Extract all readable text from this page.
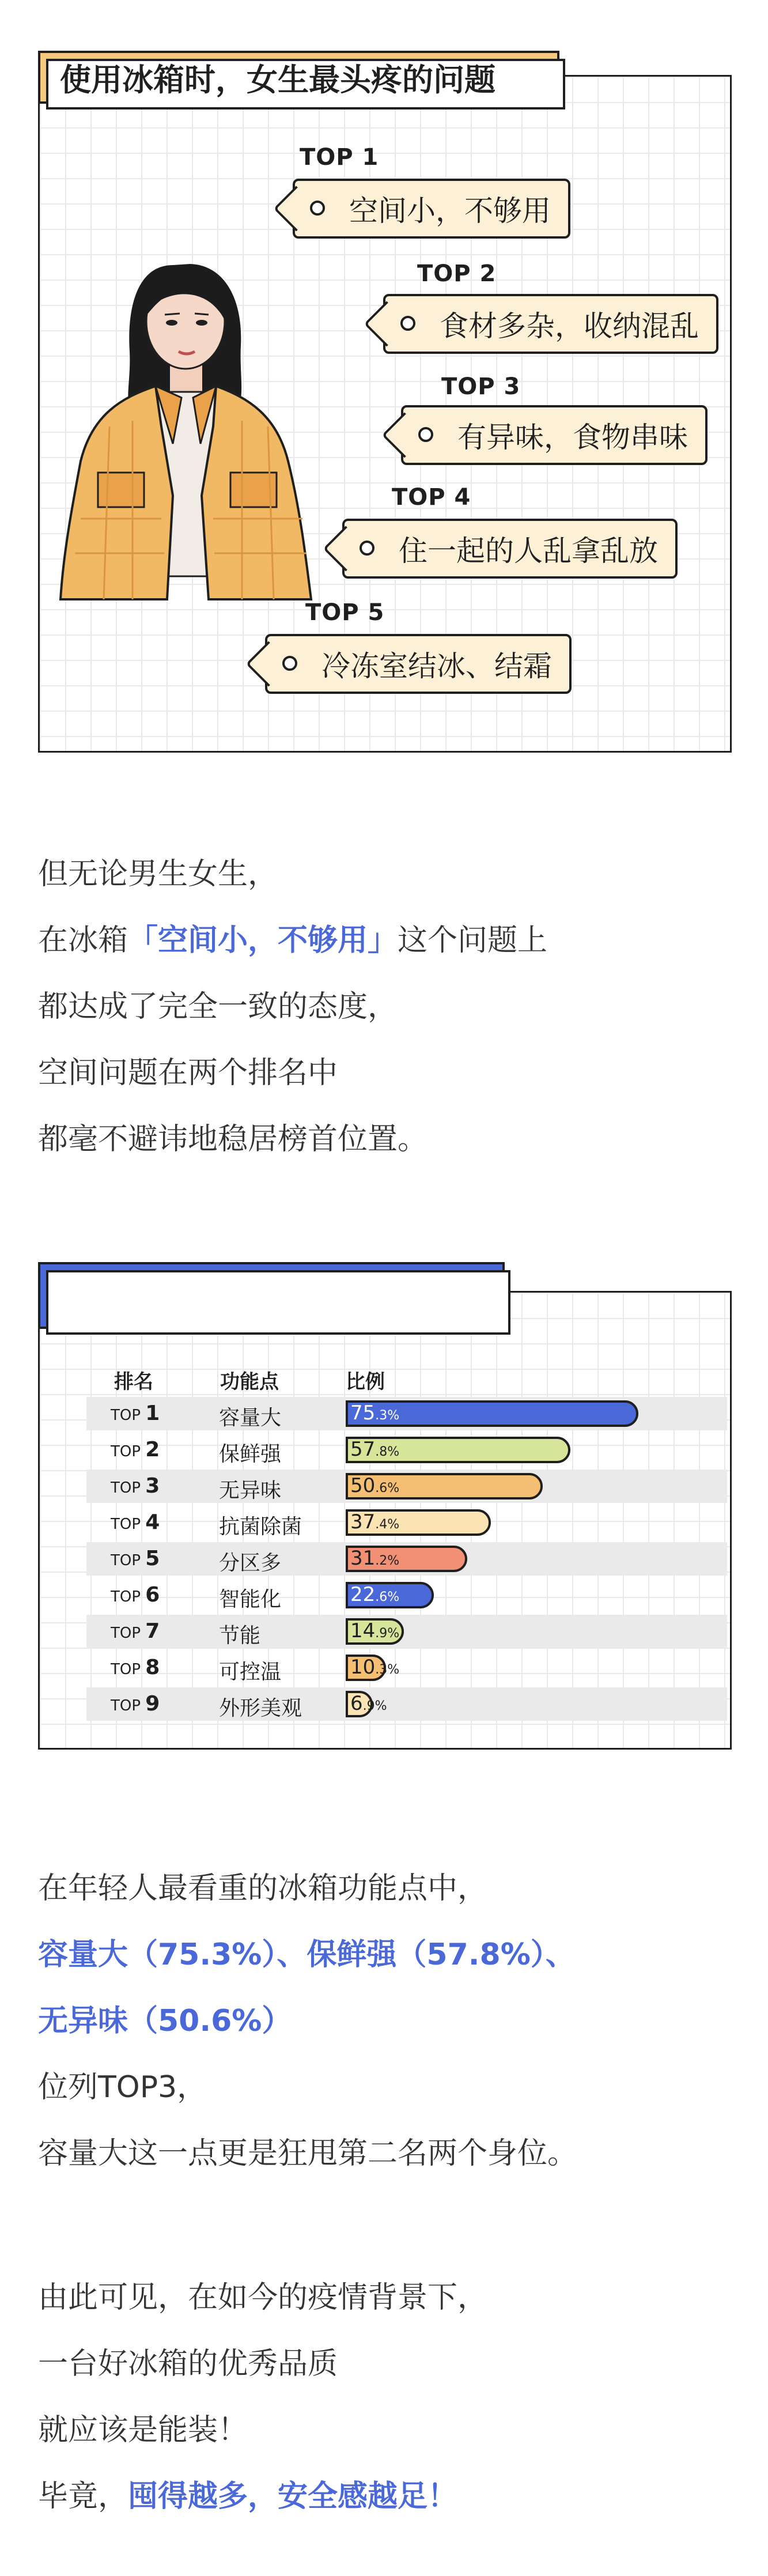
使用冰箱时，女生最头疼的问题
TOP 1
空间小，不够用
TOP 2
食材多杂，收纳混乱
TOP 3
有异味，食物串味
TOP 4
住一起的人乱拿乱放
TOP 5
冷冻室结冰、结霜
但无论男生女生，
在冰箱「空间小，不够用」这个问题上
都达成了完全一致的态度，
空间问题在两个排名中
都毫不避讳地稳居榜首位置。
年轻人最看中的冰箱功能点
排名	功能点	比例
TOP 1	容量大	75.3%
TOP 2	保鲜强	57.8%
TOP 3	无异味	50.6%
TOP 4	抗菌除菌 37.4%
TOP 5	分区多	31.2%
TOP 6	智能化	22.6%
TOP 7	节能	14.9%
TOP 8	可控温	10.3%
TOP 9	外形美观 6.9%
在年轻人最看重的冰箱功能点中，
容量大（75.3%）、保鲜强（57.8%）、
无异味（50.6%）
位列TOP3，
容量大这一点更是狂甩第二名两个身位。
由此可见，在如今的疫情背景下，
一台好冰箱的优秀品质
就应该是能装！
毕竟，囤得越多，安全感越足！
